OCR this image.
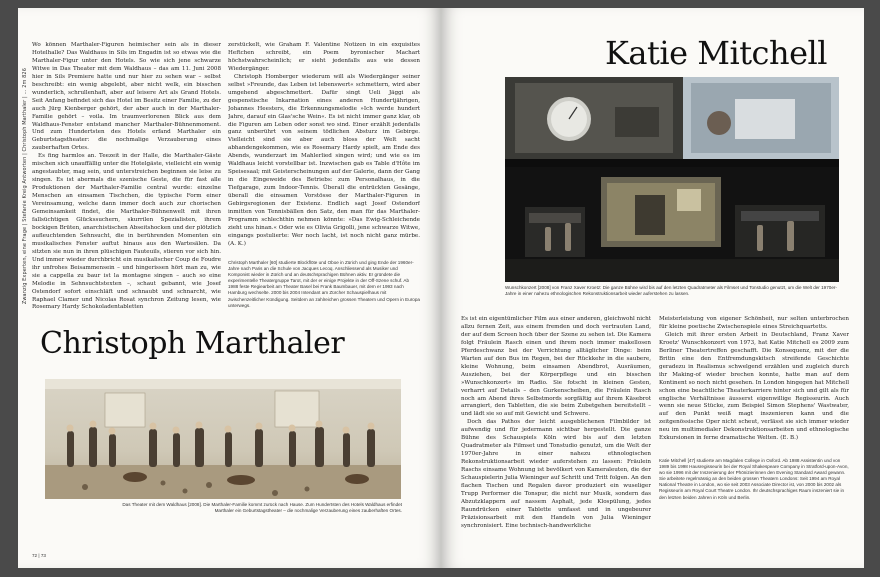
Zwanzig Experten, eine Frage | Stefanie Kreig Antworten | Christoph Marthaler | … 2m 826

Wo können Marthaler-Figuren heimischer sein als in dieser Hotelhalle? Das Waldhaus in Sils im Engadin ist so etwas wie die Marthaler-Figur unter den Hotels. So wie sich jene schwarze Witwe in Das Theater mit dem Waldhaus – das am 11. Juni 2008 hier in Sils Premiere hatte und nur hier zu sehen war – selbst beschreibt: ein wenig abgelebt, aber nicht welk, ein bisschen wunderlich, schrullenhaft, aber auf leisere Art als Grand Hotels. Seit Anfang befindet sich das Hotel im Besitz einer Familie, zu der auch Jürg Kienberger gehört, der aber auch in der Marthaler-Familie gehört – voila. Im traumverlorenen Blick aus dem Waldhaus-Fenster entstand mancher Marthaler-Bühnenmoment. Und zum Hundertsten des Hotels erfand Marthaler ein Geburtstagstheater: die nochmalige Verzauberung eines zauberhaften Ortes.

Es fing harmlos an. Teezeit in der Halle, die Marthaler-Gäste mischen sich unauffällig unter die Hotelgäste, vielleicht ein wenig angestaubter, mag sein, und unterstreichen beginnen sie leise zu singen. Es ist abermals die szenische Geste, die für fast alle Produktionen der Marthaler-Familie central wurde: einzelne Menschen an einsamen Tischchen, die typische Form einer Vereinsamung, welche dann immer doch auch zur chorischen Gemeinsamkeit findet, die Marthaler-Bühnenwelt mit ihren fallsüchtigen Glückssuchern, skurrilen Spezialisten, ihrem bockigen Brüten, anarchistischen Abseitshocken und der plötzlich aufleuchtenden Sehnsucht, die in berührenden Momenten ein musikalisches Fenster auftut hinaus aus den Wartesälen. Da sitzten sie nun in ihren plüschigen Fauteuils, stieren vor sich hin. Und immer wieder durchbricht ein musikalischer Coup de Foudre ihr unfrohes Beisammensein – und hingerissen hört man zu, wie sie a cappella zu baur ist la montagne singen – auch so eine Melodie in Sehnsuchtstexten –, schaut gebannt, wie Josef Ostendorf sofort einschläft und schnaubt und schnarcht, wie Raphael Clamer und Nicolas Rosat synchron Zeitung lesen, wie Rosemary Hardy Schokoladentabletten

zerstückelt, wie Graham F. Valentine Notizen in ein exquisites Heftchen schreibt, ein Poem byronischer Machart höchstwahrscheinlich; er sieht jedenfalls aus wie dessen Wiedergänger.

Christoph Homberger wiederum will als Wiedergänger seiner selbst »Freunde, das Leben ist lebenswert« schmettern, wird aber umgehend abgeschmettert. Dafür singt Ueli Jäggi als gespenstische Inkarnation eines anderen Hundertjährigen, Johannes Heesters, die Erkennungsmelodie »Ich werde hundert Jahre, darauf ein Glas'sche Wein«. Es ist nicht immer ganz klar, ob die Figuren am Leben oder sonst wo sind. Einer erzählt jedenfalls ganz unberührt von seinem tödlichen Absturz im Gebirge. Vielleicht sind sie aber auch bloss der Welt sacht abhandengekommen, wie es Rosemary Hardy spielt, am Ende des Abends, wunderzart im Mahlerlied singen wird; und wie es im Waldhaus leicht vorstellbar ist. Inzwischen gab es Table d'Hôte im Speisesaal; mit Geisterscheinungen auf der Galerie, dann der Gang in die Eingeweide des Betriebs: zum Personalhaus, in die Tiefgarage, zum Indoor-Tennis. Überall die entrückten Gesänge, überall die einsamen Vorstösse der Marthaler-Figuren in Gebirgsregionen der Existenz. Endlich sagt Josef Ostendorf inmitten von Tennisbällen den Satz, den man für das Marthaler-Programm schlechthin nehmen könnte: »Das Ewig-Schleichende zieht uns hinan.« Oder wie es Olivia Grigolli, jene schwarze Witwe, eingangs postulierte: Wer noch lacht, ist noch nicht ganz mürbe. (A. K.)

Christoph Marthaler [60] studierte Blockflöte und Oboe in Zürich und ging Ende der 1960er-Jahre nach Paris an die Schule von Jacques Lecoq. Anschliessend als Musiker und Komponist wieder in Zürich und an deutschsprachigen Bühnen aktiv. Er gründete die experimentelle Theatergruppe Tarot, mit der er einige Projekte in der Off-Szene schuf. Ab 1988 feste Regiearbeit am Theater Basel bei Frank Baumbauer, mit dem er 1993 nach Hamburg wechselte. 2000 bis 2004 Intendant am Zürcher Schauspielhaus mit zwischenzeitlicher Kündigung. Seitdem an zahlreichen grossen Theatern und Opern in Europa unterwegs.
Christoph Marthaler
Das Theater mit dem Waldhaus [2008]. Die Marthaler-Familie kommt zurück nach Hause. Zum Hundertsten des Hotels Waldhaus erfindet Marthaler ein Geburtstagstheater – die nochmalige Verzauberung eines zauberhaften Ortes.
72 | 73
Katie Mitchell
Wunschkonzert [2008] von Franz Xaver Kroetz: Die ganze Bühne wird bis auf den letzten Quadratmeter als Filmset und Tonstudio genutzt, um die Welt der 1970er-Jahre in einer nahezu ethnologischen Rekonstruktionsarbeit wieder auferstehen zu lassen.

Es ist ein eigentümlicher Film aus einer anderen, gleichwohl nicht allzu fernen Zeit, aus einem fremden und doch vertrauten Land, der auf dem Screen hoch über der Szene zu sehen ist. Die Kamera folgt Fräulein Rasch einen und ihrem noch immer makellosen Pferdeschwanz bei der Verrichtung alltäglicher Dinge: beim Warten auf den Bus im Regen, bei der Rückkehr in die saubere, kleine Wohnung, beim einsamen Abendbrot, Ausräumen, Ausziehen, bei der Körperpflege und ein bisschen »Wunschkonzert« im Radio. Sie fotscht in kleinen Gesten, verharrt auf Details – den Gurkenscheiben, die Fräulein Rasch noch am Abend ihres Selbstmords sorgfältig auf ihrem Käsebrot arrangiert, den Tabletten, die sie beim Zubetgehen bereitstellt – und lädt sie so auf mit Gewicht und Schwere.

Doch das Pathos der leicht ausgeblichenen Filmbilder ist aufwendig und für jedermann sichtbar hergestellt. Die ganze Bühne des Schauspiels Köln wird bis auf den letzten Quadratmeter als Filmset und Tonstudio genutzt, um die Welt der 1970er-Jahre in einer nahezu ethnologischen Rekonstruktionsarbeit wieder auferstehen zu lassen: Fräulein Raschs einsame Wohnung ist bevölkert von Kameraleuten, die der Schauspielerin Julia Wieninger auf Schritt und Tritt folgen. An den flachen Tischen und Regalen davor produziert ein wuseliger Trupp Performer die Tonspur, die nicht nur Musik, sondern das Abzutzklappern auf nassem Asphalt, jede Klospülung, jedes Raundrücken einer Tablette umfasst und in ungebeurer Präzisionsarbeit mit den Handeln von Julia Wieninger synchronisiert. Eine technisch-handwerkliche

Meisterleistung von eigener Schönheit, nur selten unterbrochen für kleine poetische Zwischenspiele eines Streichquartetts.

Gleich mit ihrer ersten Arbeit in Deutschland, Franz Xaver Kroetz' Wunschkonzert von 1973, hat Katie Mitchell es 2009 zum Berliner Theatertreffen geschafft. Die Konsequenz, mit der die Britin eine den Entfremdungskitsch streifende Geschichte geradezu in Realismus schwelgend erzählen und zugleich durch ihr Making-of wieder brechen konnte, hatte man auf dem Kontinent so noch nicht gesehen. In London hingegen hat Mitchell schon eine beachtliche Theaterkarriere hinter sich und gilt als für englische Verhältnisse äusserst eigenwillige Regisseurin. Auch wenn sie neue Stücke, zum Beispiel Simon Stephens' Wastwater, auf den Punkt weiß magt inszenieren kann und die zeitgenössische Oper nicht scheut, verlässt sie sich immer wieder neu im multimedialer Dekonstruktionsarbeiten und ethnologische Exkursionen in ferne dramatische Welten. (E. B.)

Katie Mitchell [47] studierte am Magdalen College in Oxford. Ab 1988 Assistentin und von 1989 bis 1998 Hausregisseurin bei der Royal Shakespeare Company in Stratford-upon-Avon, wo sie 1996 mit der Inszenierung der Phönizierinnen den Evening Standard Award gewann. Sie arbeitete regelmässig an den beiden grossen Theatern Londons: Seit 1994 am Royal National Theatre in London, wo sie seit 2003 Associate Director ist, von 2000 bis 2002 als Regisseurin am Royal Court Theatre London. Ihr deutschsprachiges Raum inszeniert sie in den letzten beiden Jahren in Köln und Berlin.
